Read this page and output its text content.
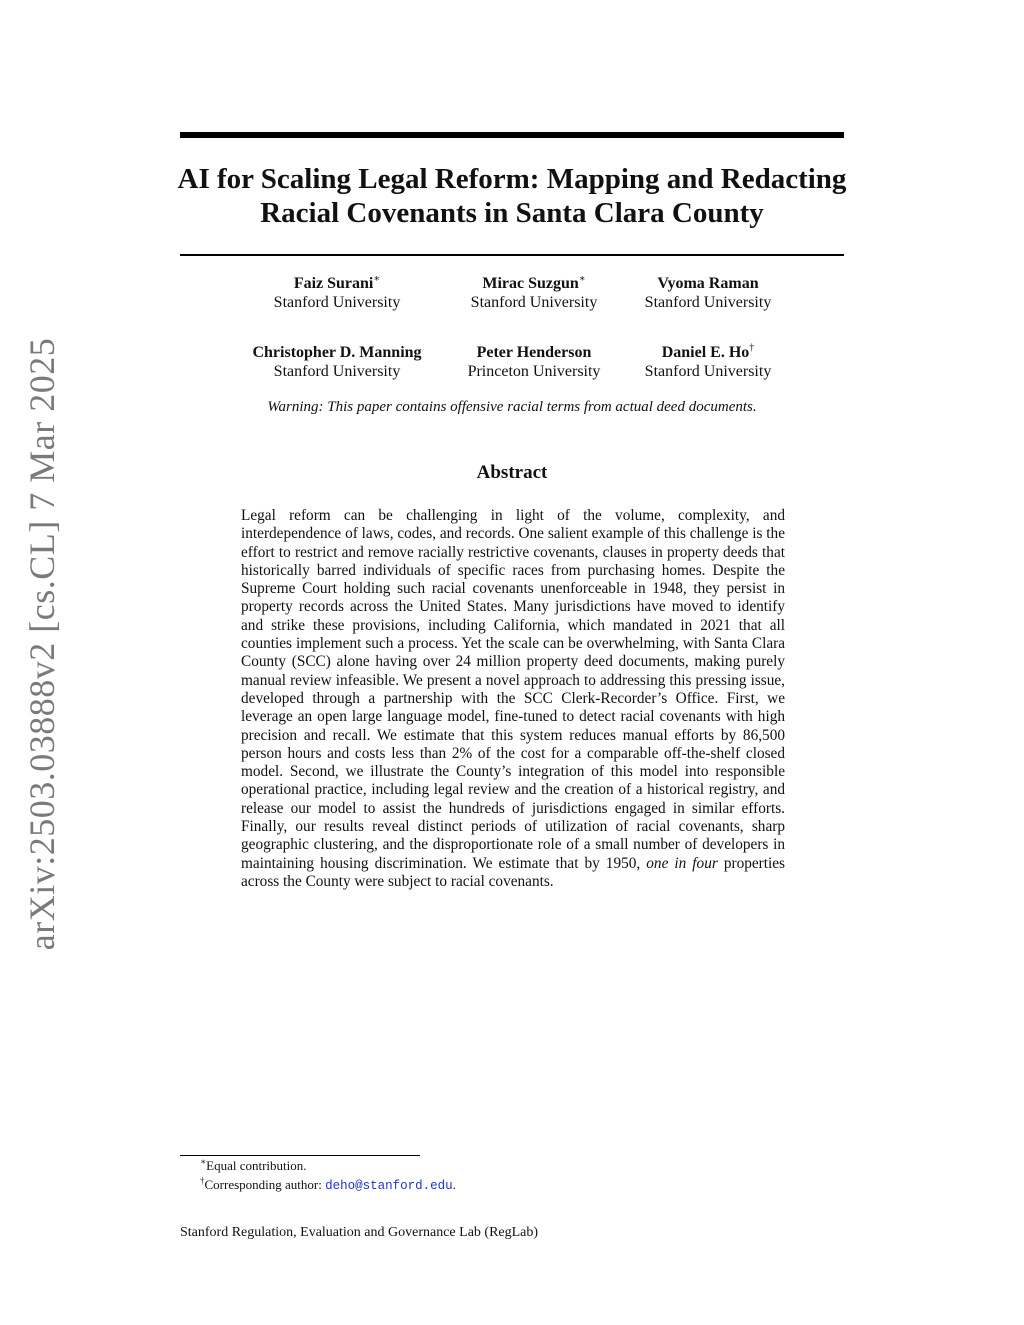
arXiv:2503.03888v2 [cs.CL] 7 Mar 2025
AI for Scaling Legal Reform: Mapping and Redacting
Racial Covenants in Santa Clara County
Faiz Surani∗
Stanford University
Mirac Suzgun∗
Stanford University
Vyoma Raman
Stanford University
Christopher D. Manning
Stanford University
Peter Henderson
Princeton University
Daniel E. Ho†
Stanford University
Warning: This paper contains offensive racial terms from actual deed documents.
Abstract

Legal reform can be challenging in light of the volume, complexity, and interdependence of laws, codes, and records. One salient example of this challenge is the effort to restrict and remove racially restrictive covenants, clauses in property deeds that historically barred individuals of specific races from purchasing homes. Despite the Supreme Court holding such racial covenants unenforceable in 1948, they persist in property records across the United States. Many jurisdictions have moved to identify and strike these provisions, including California, which mandated in 2021 that all counties implement such a process. Yet the scale can be overwhelming, with Santa Clara County (SCC) alone having over 24 million property deed documents, making purely manual review infeasible. We present a novel approach to addressing this pressing issue, developed through a partnership with the SCC Clerk-Recorder’s Office. First, we leverage an open large language model, fine-tuned to detect racial covenants with high precision and recall. We estimate that this system reduces manual efforts by 86,500 person hours and costs less than 2% of the cost for a comparable off-the-shelf closed model. Second, we illustrate the County’s integration of this model into responsible operational practice, including legal review and the creation of a historical registry, and release our model to assist the hundreds of jurisdictions engaged in similar efforts. Finally, our results reveal distinct periods of utilization of racial covenants, sharp geographic clustering, and the disproportionate role of a small number of developers in maintaining housing discrimination. We estimate that by 1950, one in four properties across the County were subject to racial covenants.

∗Equal contribution.
†Corresponding author: deho@stanford.edu.
Stanford Regulation, Evaluation and Governance Lab (RegLab)
